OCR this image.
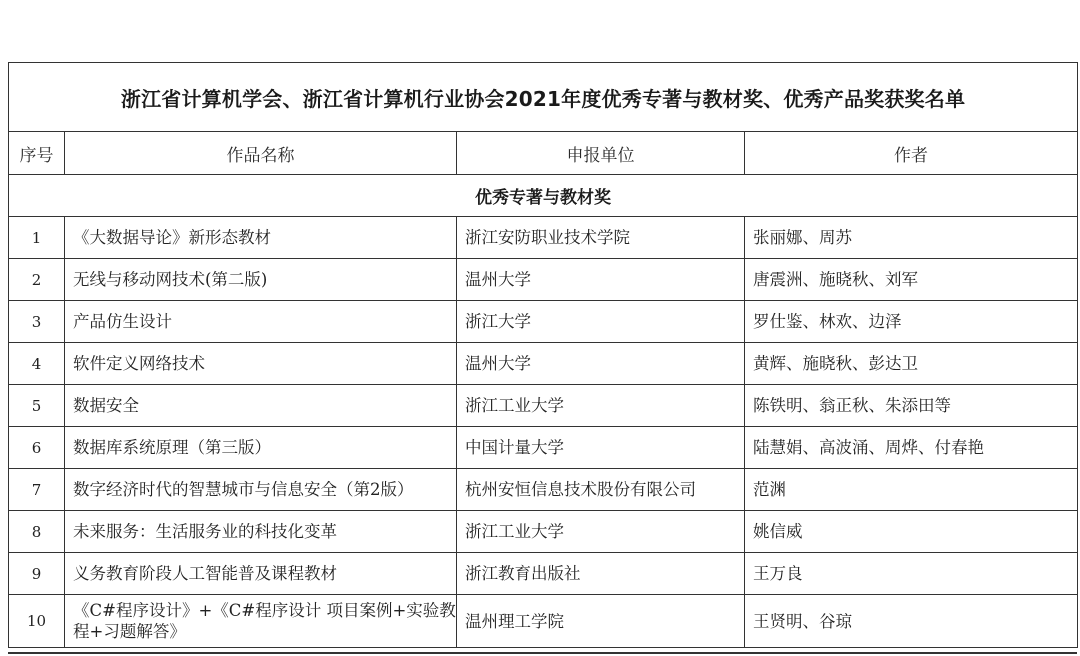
浙江省计算机学会、浙江省计算机行业协会2021年度优秀专著与教材奖、优秀产品奖获奖名单			
序号	作品名称	申报单位	作者
优秀专著与教材奖			
1	《大数据导论》新形态教材	浙江安防职业技术学院	张丽娜、周苏
2	无线与移动网技术(第二版)	温州大学	唐震洲、施晓秋、刘军
3	产品仿生设计	浙江大学	罗仕鉴、林欢、边泽
4	软件定义网络技术	温州大学	黄辉、施晓秋、彭达卫
5	数据安全	浙江工业大学	陈铁明、翁正秋、朱添田等
6	数据库系统原理（第三版）	中国计量大学	陆慧娟、高波涌、周烨、付春艳
7	数字经济时代的智慧城市与信息安全（第2版）	杭州安恒信息技术股份有限公司	范渊
8	未来服务：生活服务业的科技化变革	浙江工业大学	姚信威
9	义务教育阶段人工智能普及课程教材	浙江教育出版社	王万良
10	《C#程序设计》+《C#程序设计 项目案例+实验教程+习题解答》	温州理工学院	王贤明、谷琼
